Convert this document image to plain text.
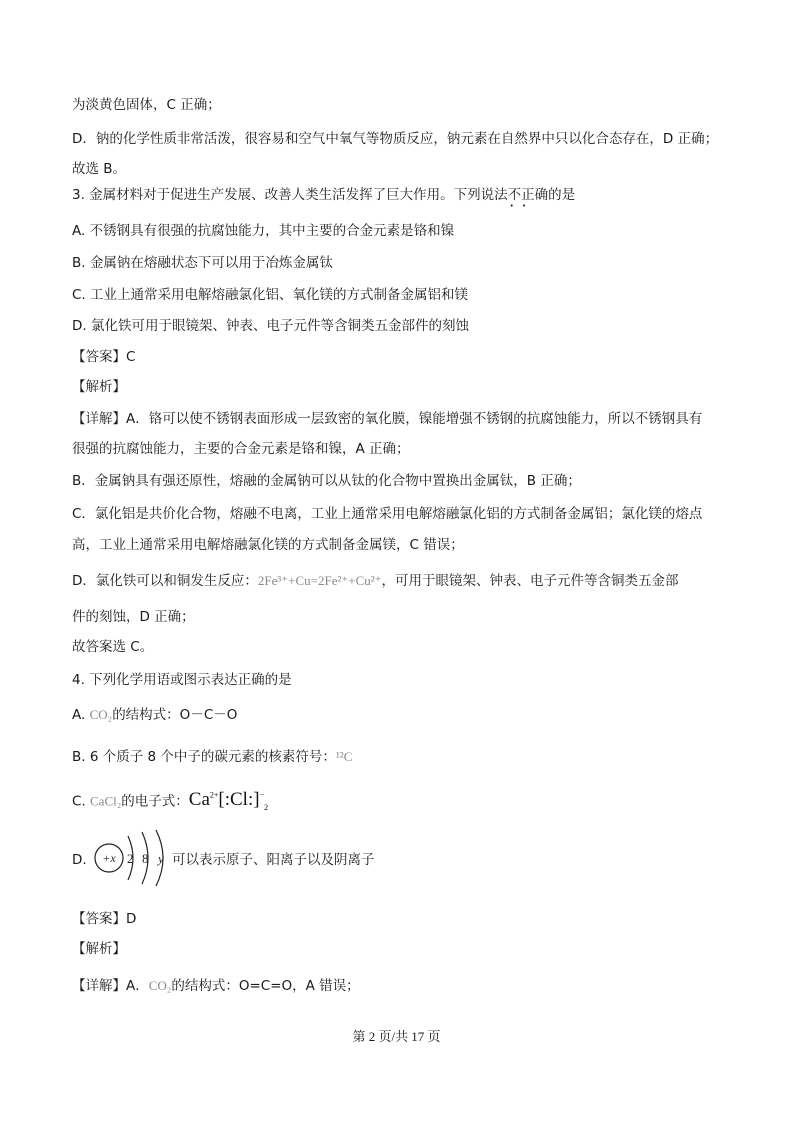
为淡黄色固体，C 正确；
D．钠的化学性质非常活泼，很容易和空气中氧气等物质反应，钠元素在自然界中只以化合态存在，D 正确；
故选 B。
3. 金属材料对于促进生产发展、改善人类生活发挥了巨大作用。下列说法不正确 • •的是
A. 不锈钢具有很强的抗腐蚀能力，其中主要的合金元素是铬和镍
B. 金属钠在熔融状态下可以用于冶炼金属钛
C. 工业上通常采用电解熔融氯化铝、氧化镁的方式制备金属铝和镁
D. 氯化铁可用于眼镜架、钟表、电子元件等含铜类五金部件的刻蚀
【答案】C
【解析】
【详解】A．铬可以使不锈钢表面形成一层致密的氧化膜，镍能增强不锈钢的抗腐蚀能力，所以不锈钢具有
很强的抗腐蚀能力，主要的合金元素是铬和镍，A 正确；
B．金属钠具有强还原性，熔融的金属钠可以从钛的化合物中置换出金属钛，B 正确；
C．氯化铝是共价化合物，熔融不电离，工业上通常采用电解熔融氯化铝的方式制备金属铝；氯化镁的熔点
高，工业上通常采用电解熔融氯化镁的方式制备金属镁，C 错误；
D．氯化铁可以和铜发生反应：2Fe³⁺+Cu=2Fe²⁺+Cu²⁺，可用于眼镜架、钟表、电子元件等含铜类五金部
件的刻蚀，D 正确；
故答案选 C。
4. 下列化学用语或图示表达正确的是
A. CO₂的结构式：O－C－O
B. 6 个质子 8 个中子的碳元素的核素符号：¹²C
C. CaCl₂的电子式：$Ca^{2+}[:Cl:]^-_2$
D.	+x 2 8 y 可以表示原子、阳离子以及阴离子
【答案】D
【解析】
【详解】A．CO₂的结构式：O=C=O，A 错误；
第 2 页/共 17 页
